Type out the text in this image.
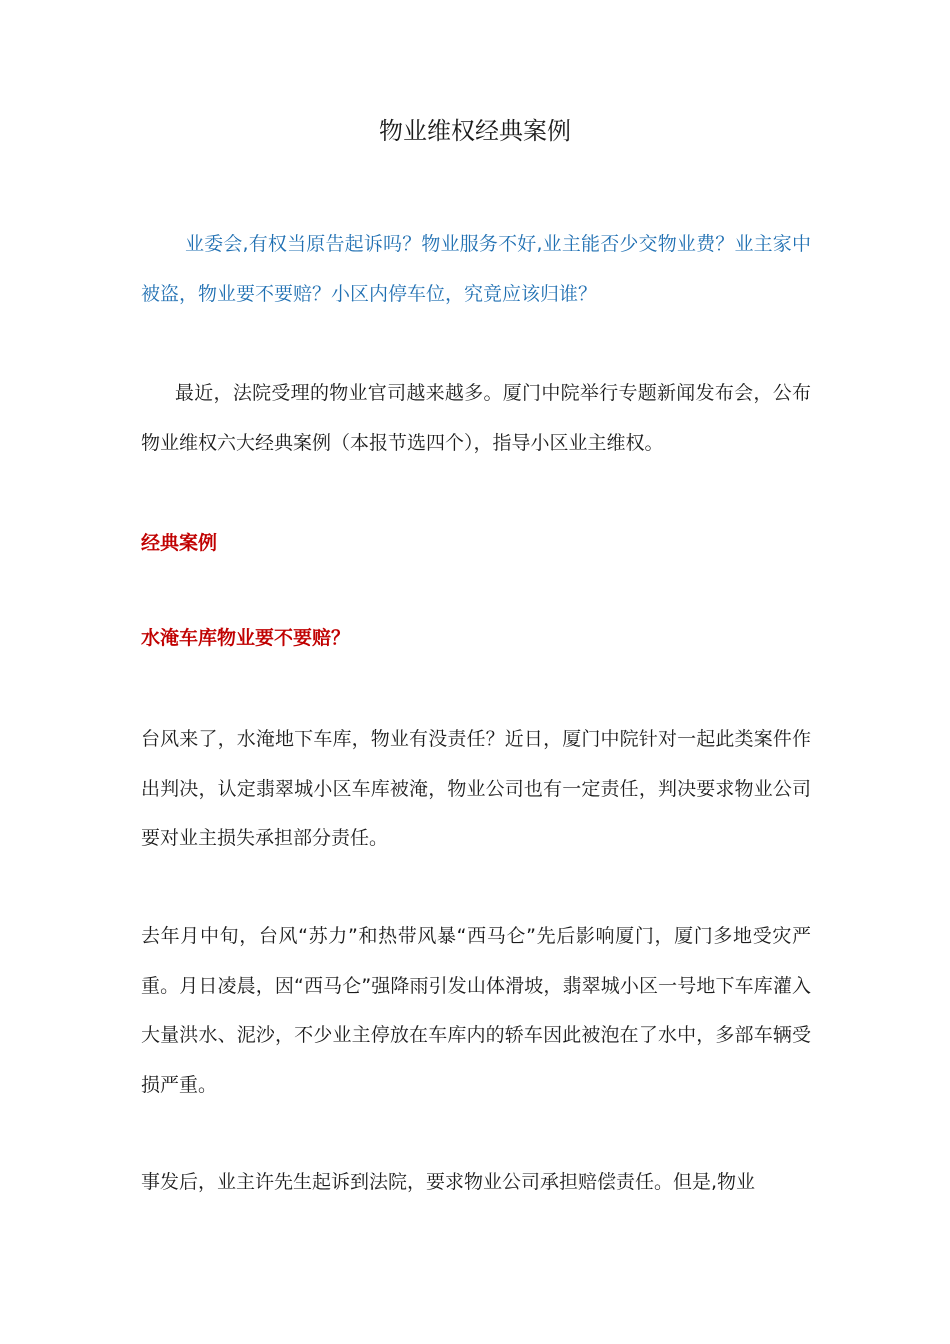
物业维权经典案例

业委会,有权当原告起诉吗？物业服务不好,业主能否少交物业费？业主家中被盗，物业要不要赔？小区内停车位，究竟应该归谁？

最近，法院受理的物业官司越来越多。厦门中院举行专题新闻发布会，公布物业维权六大经典案例（本报节选四个），指导小区业主维权。

经典案例
水淹车库物业要不要赔？

台风来了，水淹地下车库，物业有没责任？近日，厦门中院针对一起此类案件作出判决，认定翡翠城小区车库被淹，物业公司也有一定责任，判决要求物业公司要对业主损失承担部分责任。

去年月中旬，台风“苏力”和热带风暴“西马仑”先后影响厦门，厦门多地受灾严重。月日凌晨，因“西马仑”强降雨引发山体滑坡，翡翠城小区一号地下车库灌入大量洪水、泥沙，不少业主停放在车库内的轿车因此被泡在了水中，多部车辆受损严重。

事发后，业主许先生起诉到法院，要求物业公司承担赔偿责任。但是,物业
